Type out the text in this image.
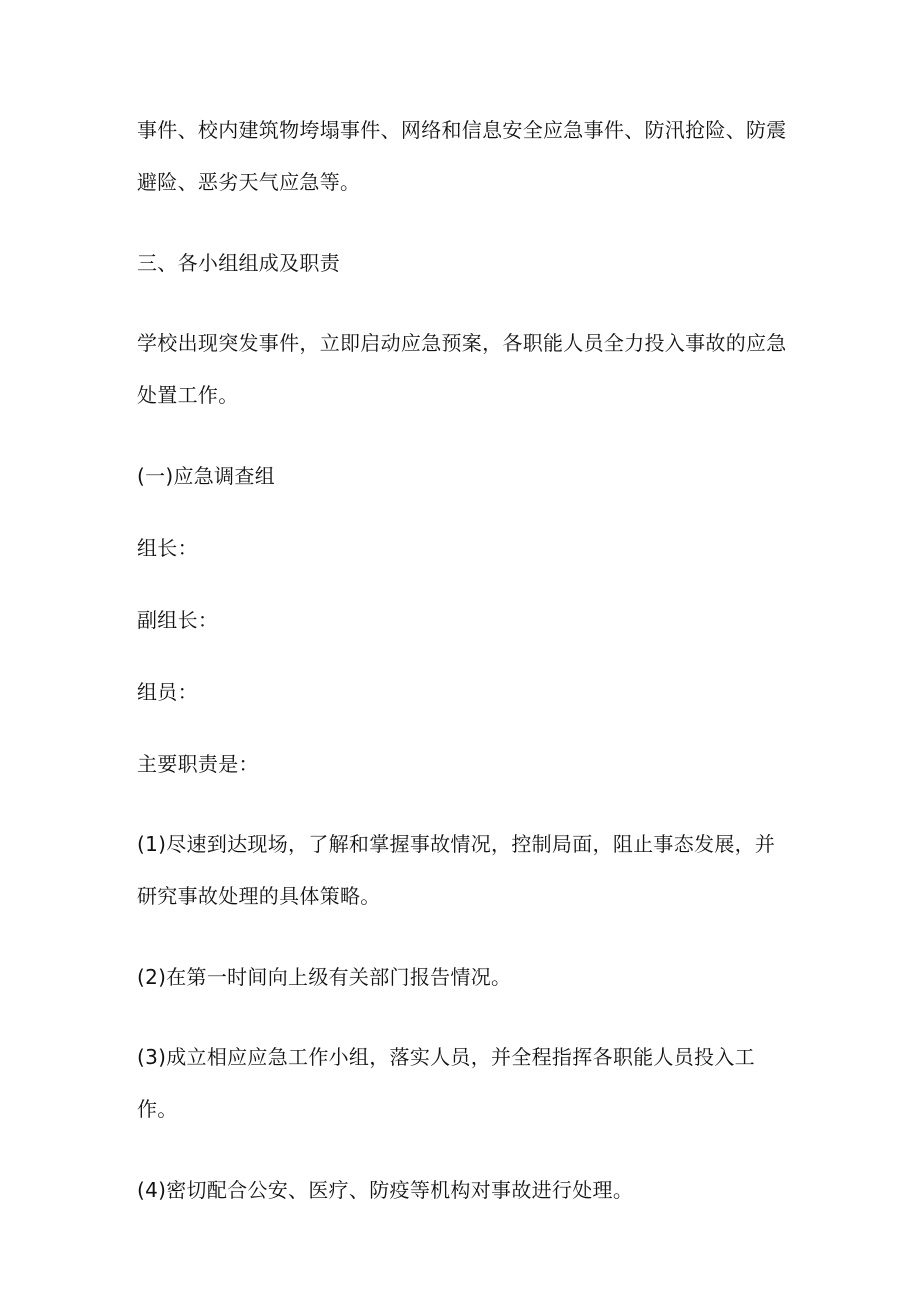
事件、校内建筑物垮塌事件、网络和信息安全应急事件、防汛抢险、防震避险、恶劣天气应急等。

三、各小组组成及职责

学校出现突发事件，立即启动应急预案，各职能人员全力投入事故的应急处置工作。

(一)应急调查组

组长：

副组长：

组员：

主要职责是：

(1)尽速到达现场，了解和掌握事故情况，控制局面，阻止事态发展，并研究事故处理的具体策略。

(2)在第一时间向上级有关部门报告情况。

(3)成立相应应急工作小组，落实人员，并全程指挥各职能人员投入工作。

(4)密切配合公安、医疗、防疫等机构对事故进行处理。
